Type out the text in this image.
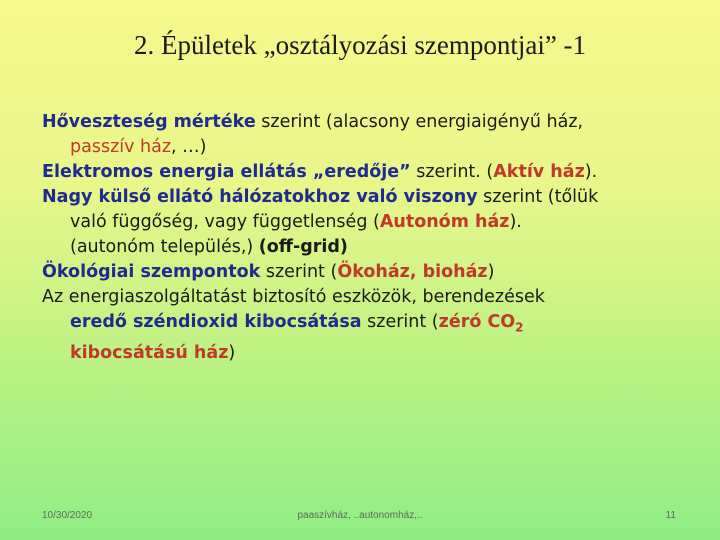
2. Épületek „osztályozási szempontjai” -1

Hőveszteség mértéke szerint (alacsony energiaigényű ház,

passzív ház, …)

Elektromos energia ellátás „eredője” szerint. (Aktív ház).

Nagy külső ellátó hálózatokhoz való viszony szerint (tőlük

való függőség, vagy függetlenség (Autonóm ház).

(autonóm település,) (off-grid)

Ökológiai szempontok szerint (Ökoház, bioház)

Az energiaszolgáltatást biztosító eszközök, berendezések

eredő széndioxid kibocsátása szerint (zéró $CO_2$

kibocsátású ház)

10/30/2020	paaszívház, ..autonomház,..	11
